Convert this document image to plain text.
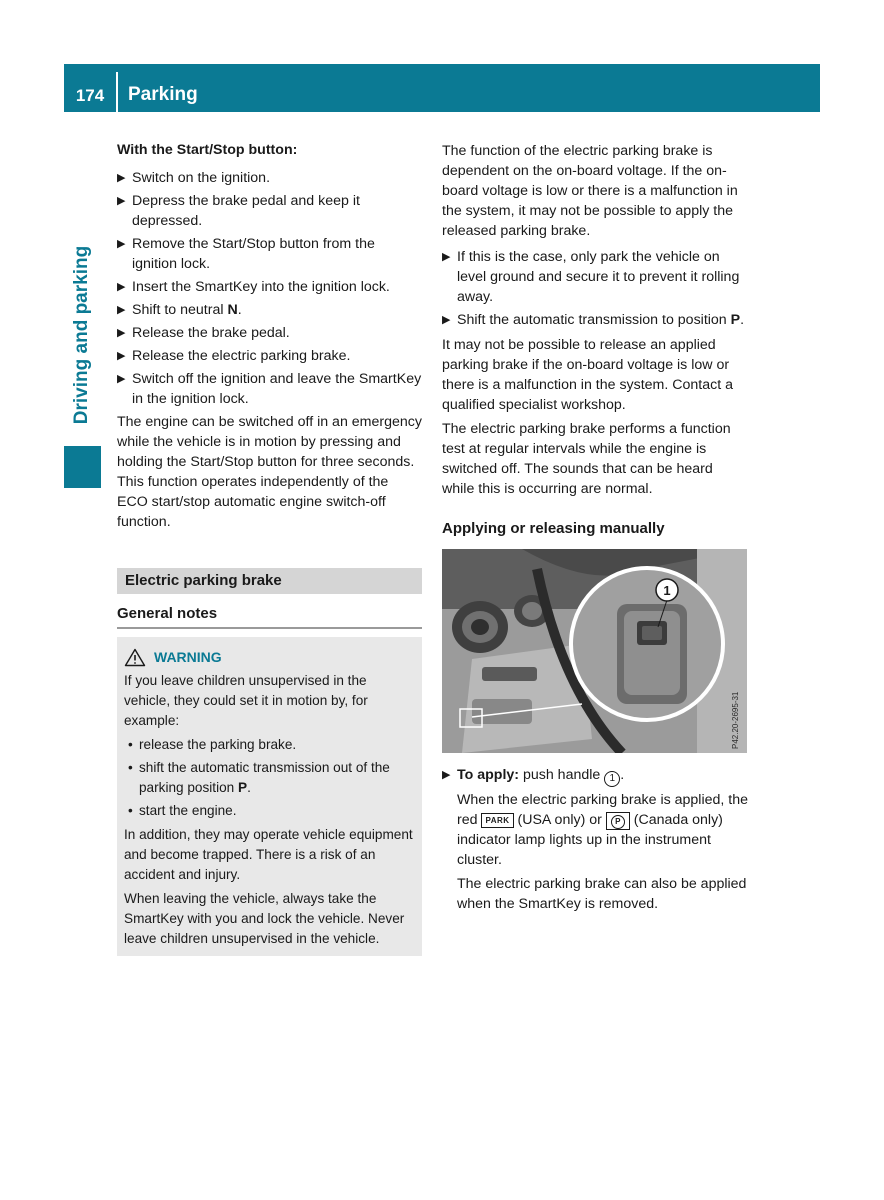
174	Parking
Driving and parking

With the Start/Stop button:

▶ Switch on the ignition.
▶ Depress the brake pedal and keep it depressed.
▶ Remove the Start/Stop button from the ignition lock.
▶ Insert the SmartKey into the ignition lock.
▶ Shift to neutral N.
▶ Release the brake pedal.
▶ Release the electric parking brake.
▶ Switch off the ignition and leave the SmartKey in the ignition lock.

The engine can be switched off in an emergency while the vehicle is in motion by pressing and holding the Start/Stop button for three seconds. This function operates independently of the ECO start/stop automatic engine switch-off function.

Electric parking brake
General notes
WARNING

If you leave children unsupervised in the vehicle, they could set it in motion by, for example:

• release the parking brake.
• shift the automatic transmission out of the parking position P.
• start the engine.

In addition, they may operate vehicle equipment and become trapped. There is a risk of an accident and injury.

When leaving the vehicle, always take the SmartKey with you and lock the vehicle. Never leave children unsupervised in the vehicle.

The function of the electric parking brake is dependent on the on-board voltage. If the on-board voltage is low or there is a malfunction in the system, it may not be possible to apply the released parking brake.

▶ If this is the case, only park the vehicle on level ground and secure it to prevent it rolling away.
▶ Shift the automatic transmission to position P.

It may not be possible to release an applied parking brake if the on-board voltage is low or there is a malfunction in the system. Contact a qualified specialist workshop.

The electric parking brake performs a function test at regular intervals while the engine is switched off. The sounds that can be heard while this is occurring are normal.

Applying or releasing manually
1
P42.20-2695-31
▶ To apply: push handle 1 .

When the electric parking brake is applied, the red PARK (USA only) or P (Canada only) indicator lamp lights up in the instrument cluster.

The electric parking brake can also be applied when the SmartKey is removed.
